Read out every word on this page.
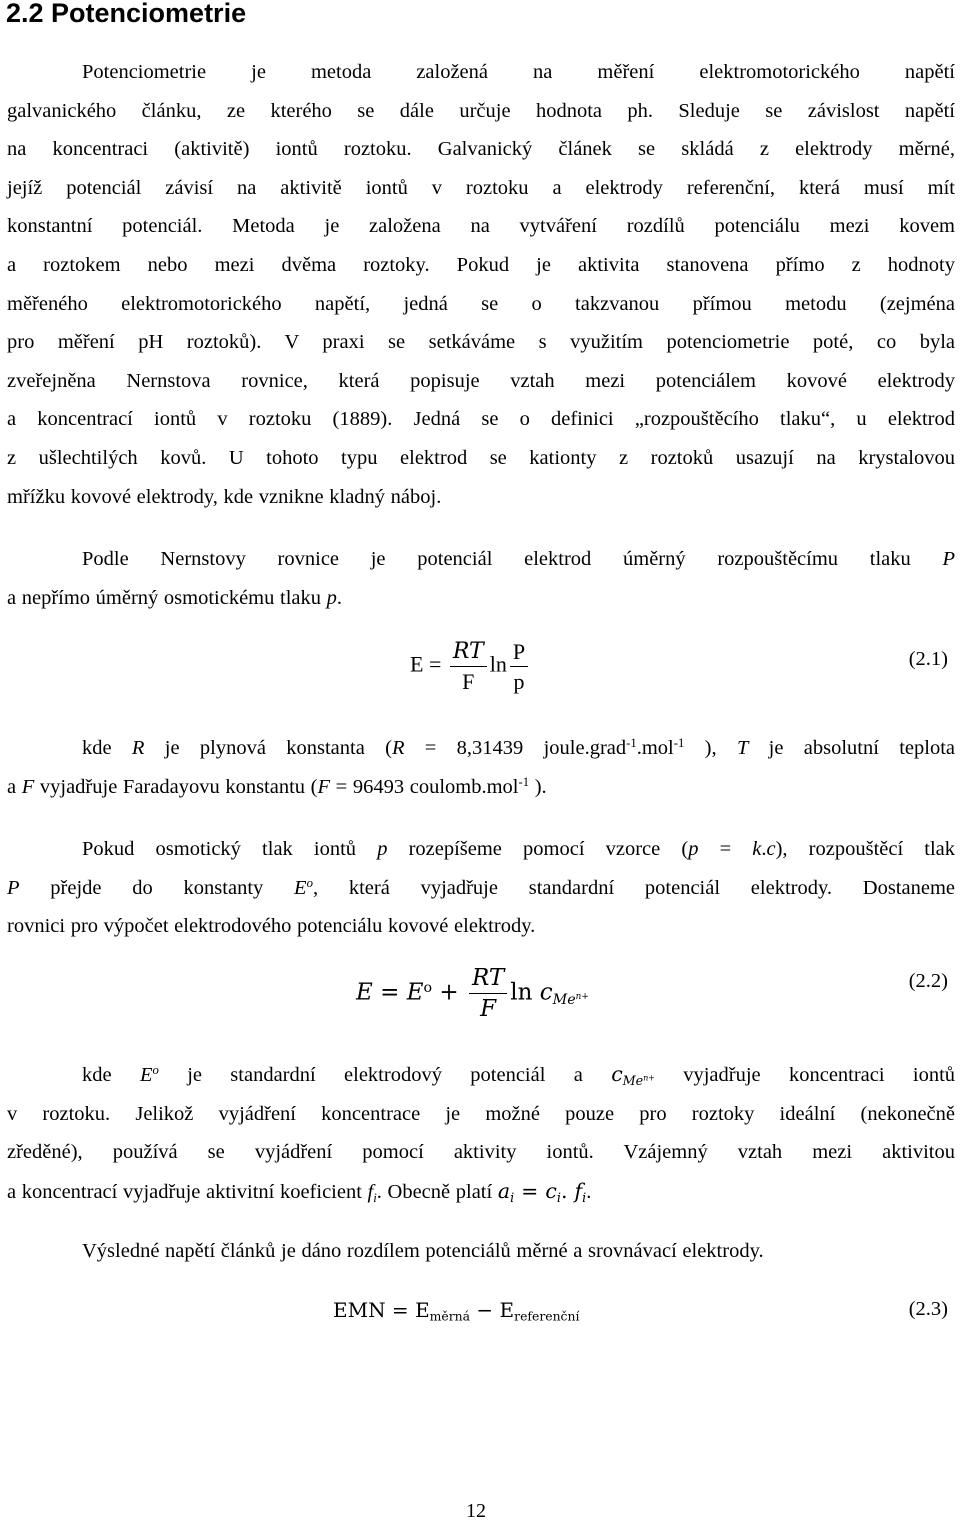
2.2 Potenciometrie
Potenciometrie je metoda založená na měření elektromotorického napětí
galvanického článku, ze kterého se dále určuje hodnota ph. Sleduje se závislost napětí
na koncentraci (aktivitě) iontů roztoku. Galvanický článek se skládá z elektrody měrné,
jejíž potenciál závisí na aktivitě iontů v roztoku a elektrody referenční, která musí mít
konstantní potenciál. Metoda je založena na vytváření rozdílů potenciálu mezi kovem
a roztokem nebo mezi dvěma roztoky. Pokud je aktivita stanovena přímo z hodnoty
měřeného elektromotorického napětí, jedná se o takzvanou přímou metodu (zejména
pro měření pH roztoků). V praxi se setkáváme s využitím potenciometrie poté, co byla
zveřejněna Nernstova rovnice, která popisuje vztah mezi potenciálem kovové elektrody
a koncentrací iontů v roztoku (1889). Jedná se o definici „rozpouštěcího tlaku“, u elektrod
z ušlechtilých kovů. U tohoto typu elektrod se kationty z roztoků usazují na krystalovou
mřížku kovové elektrody, kde vznikne kladný náboj.
Podle Nernstovy rovnice je potenciál elektrod úměrný rozpouštěcímu tlaku P
a nepřímo úměrný osmotickému tlaku p.
$E = \frac{RT}{F}$ $\ln \frac{P}{p}$	(2.1)
kde R je plynová konstanta (R = 8,31439 joule.grad$^{-1}$.mol$^{-1}$ ), T je absolutní teplota
a F vyjadřuje Faradayovu konstantu (F = 96493 coulomb.mol$^{-1}$ ).
Pokud osmotický tlak iontů p rozepíšeme pomocí vzorce (p = k.c), rozpouštěcí tlak
P přejde do konstanty $E^o$, která vyjadřuje standardní potenciál elektrody. Dostaneme
rovnici pro výpočet elektrodového potenciálu kovové elektrody.
$E = E^o + \frac{RT}{F}$ $\ln c_{Me^{n+}}$
(2.2)
kde $E^o$ je standardní elektrodový potenciál a $c_{Me^{n+}}$ vyjadřuje koncentraci iontů
v roztoku. Jelikož vyjádření koncentrace je možné pouze pro roztoky ideální (nekonečně
zředěné), používá se vyjádření pomocí aktivity iontů. Vzájemný vztah mezi aktivitou
a koncentrací vyjadřuje aktivitní koeficient $f_i$. Obecně platí $a_i = c_i$. $f_i$.
Výsledné napětí článků je dáno rozdílem potenciálů měrné a srovnávací elektrody.
EMN = $E_{měrná} - E_{referenční}$	(2.3)
12
